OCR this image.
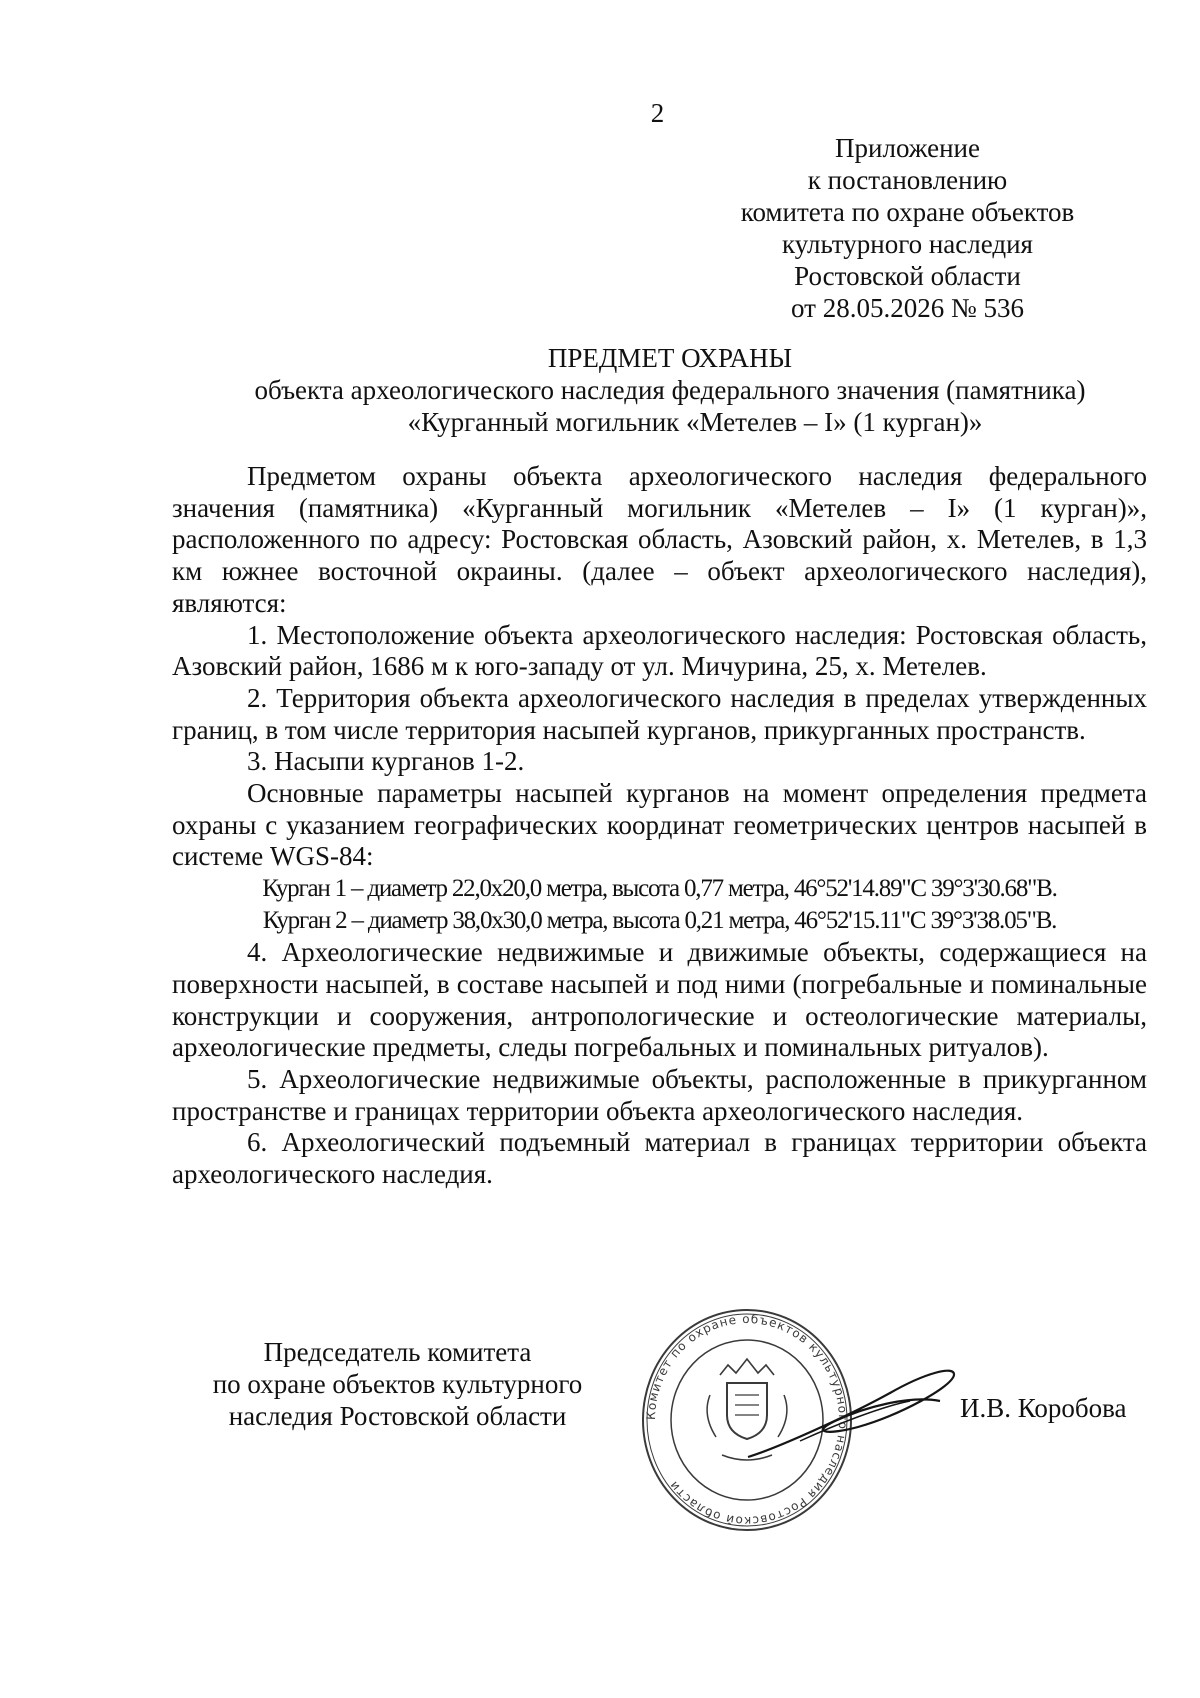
2
Приложение
к постановлению
комитета по охране объектов
культурного наследия
Ростовской области
от 28.05.2026 № 536
ПРЕДМЕТ ОХРАНЫ
объекта археологического наследия федерального значения (памятника)
«Курганный могильник «Метелев – I» (1 курган)»

Предметом охраны объекта археологического наследия федерального значения (памятника) «Курганный могильник «Метелев – I» (1 курган)», расположенного по адресу: Ростовская область, Азовский район, х. Метелев, в 1,3 км южнее восточной окраины. (далее – объект археологического наследия), являются:

1. Местоположение объекта археологического наследия: Ростовская область, Азовский район, 1686 м к юго-западу от ул. Мичурина, 25, х. Метелев.

2. Территория объекта археологического наследия в пределах утвержденных границ, в том числе территория насыпей курганов, прикурганных пространств.

3. Насыпи курганов 1-2.

Основные параметры насыпей курганов на момент определения предмета охраны с указанием географических координат геометрических центров насыпей в системе WGS-84:

Курган 1 – диаметр 22,0x20,0 метра, высота 0,77 метра, 46°52'14.89"С 39°3'30.68"В.

Курган 2 – диаметр 38,0x30,0 метра, высота 0,21 метра, 46°52'15.11"С 39°3'38.05"В.

4. Археологические недвижимые и движимые объекты, содержащиеся на поверхности насыпей, в составе насыпей и под ними (погребальные и поминальные конструкции и сооружения, антропологические и остеологические материалы, археологические предметы, следы погребальных и поминальных ритуалов).

5. Археологические недвижимые объекты, расположенные в прикурганном пространстве и границах территории объекта археологического наследия.

6. Археологический подъемный материал в границах территории объекта археологического наследия.

Председатель комитета
по охране объектов культурного
наследия Ростовской области	Комитет по охране объектов культурного наследия Ростовской области
И.В. Коробова
